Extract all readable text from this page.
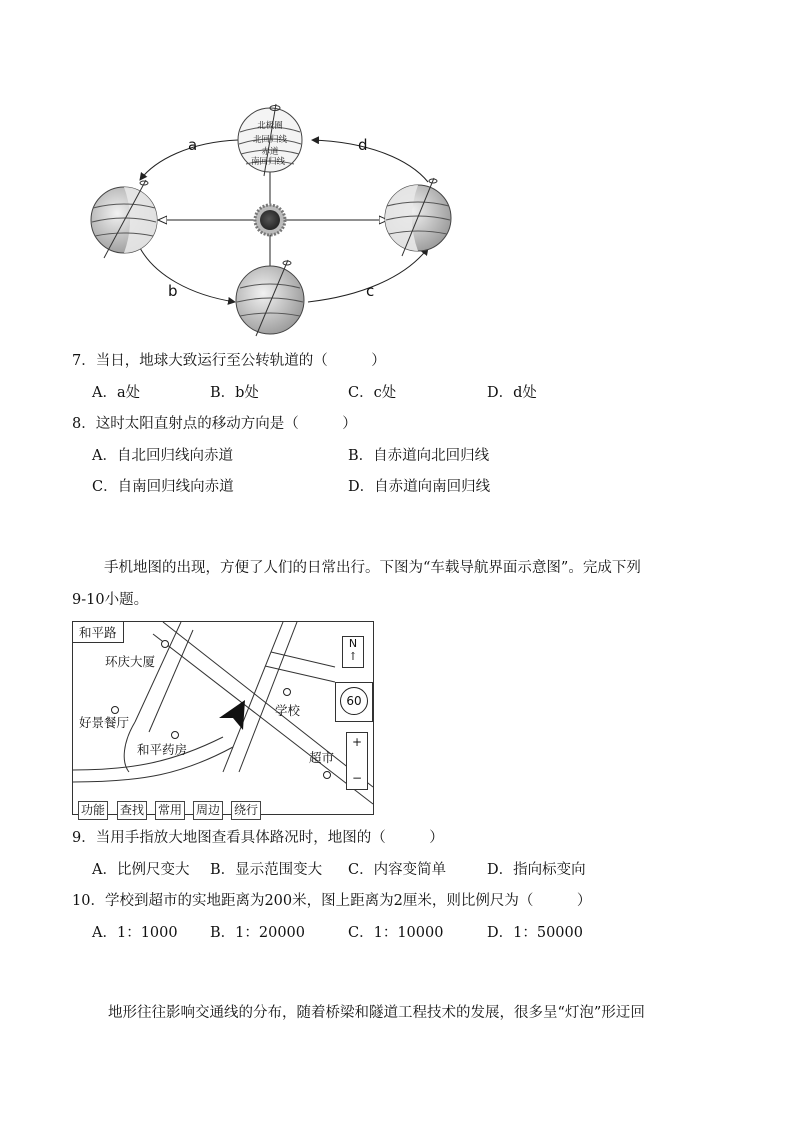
北极圈
北回归线
赤道
南回归线
a	d
b	c
7．当日，地球大致运行至公转轨道的（　　　）
A．a处	B．b处	C．c处	D．d处
8．这时太阳直射点的移动方向是（　　　）
A．自北回归线向赤道	B．自赤道向北回归线
C．自南回归线向赤道	D．自赤道向南回归线
手机地图的出现，方便了人们的日常出行。下图为“车载导航界面示意图”。完成下列
9-10小题。
和平路
环庆大厦
好景餐厅
和平药房
学校
超市
N
↑
60
+
−
功能 查找 常用 周边 绕行
9．当用手指放大地图查看具体路况时，地图的（　　　）
A．比例尺变大 B．显示范围变大 C．内容变简单	D．指向标变向
10．学校到超市的实地距离为200米，图上距离为2厘米，则比例尺为（　　　）
A．1：1000 B．1：20000	C．1：10000	D．1：50000
地形往往影响交通线的分布，随着桥梁和隧道工程技术的发展，很多呈“灯泡”形迂回
